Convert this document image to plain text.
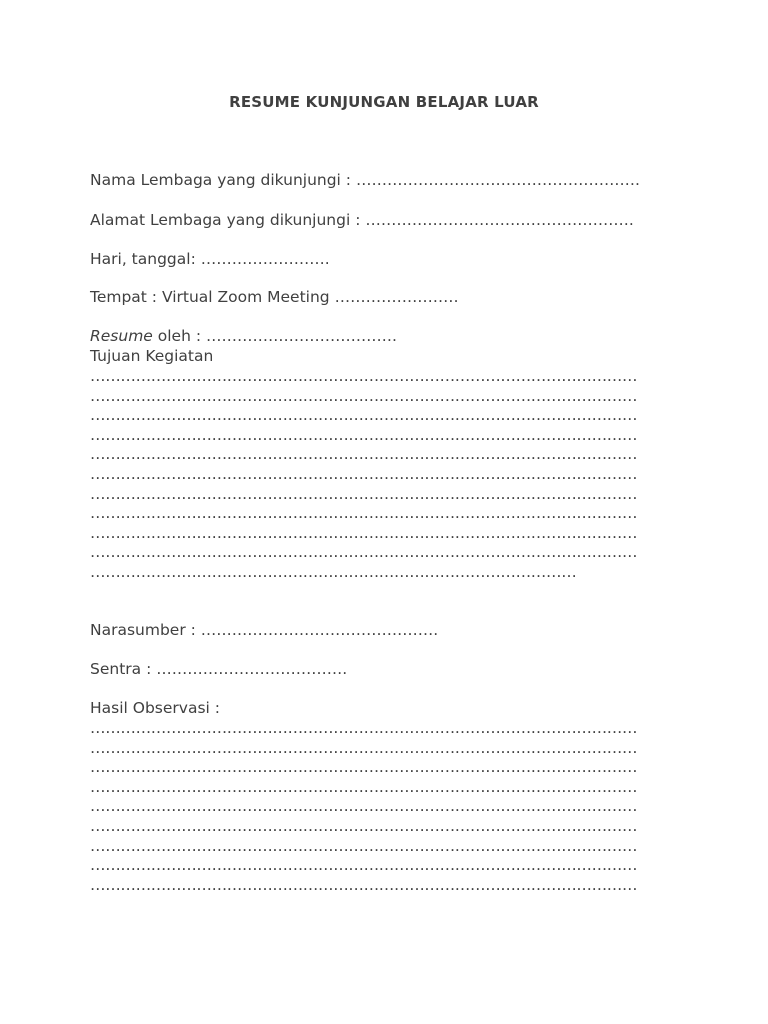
RESUME KUNJUNGAN BELAJAR LUAR
Nama Lembaga yang dikunjungi : ……………………………………………….
Alamat Lembaga yang dikunjungi : …………………………………………….
Hari, tanggal: …………………….
Tempat : Virtual Zoom Meeting ……………………
Resume oleh : ……………………………….
Tujuan Kegiatan
………………………………………………………………………………………………
………………………………………………………………………………………………
………………………………………………………………………………………………
………………………………………………………………………………………………
………………………………………………………………………………………………
………………………………………………………………………………………………
………………………………………………………………………………………………
………………………………………………………………………………………………
………………………………………………………………………………………………
………………………………………………………………………………………………
……………………………………………………………………………………
Narasumber : ……………………………………….
Sentra : ……………………………….
Hasil Observasi :
………………………………………………………………………………………………
………………………………………………………………………………………………
………………………………………………………………………………………………
………………………………………………………………………………………………
………………………………………………………………………………………………
………………………………………………………………………………………………
………………………………………………………………………………………………
………………………………………………………………………………………………
………………………………………………………………………………………………
